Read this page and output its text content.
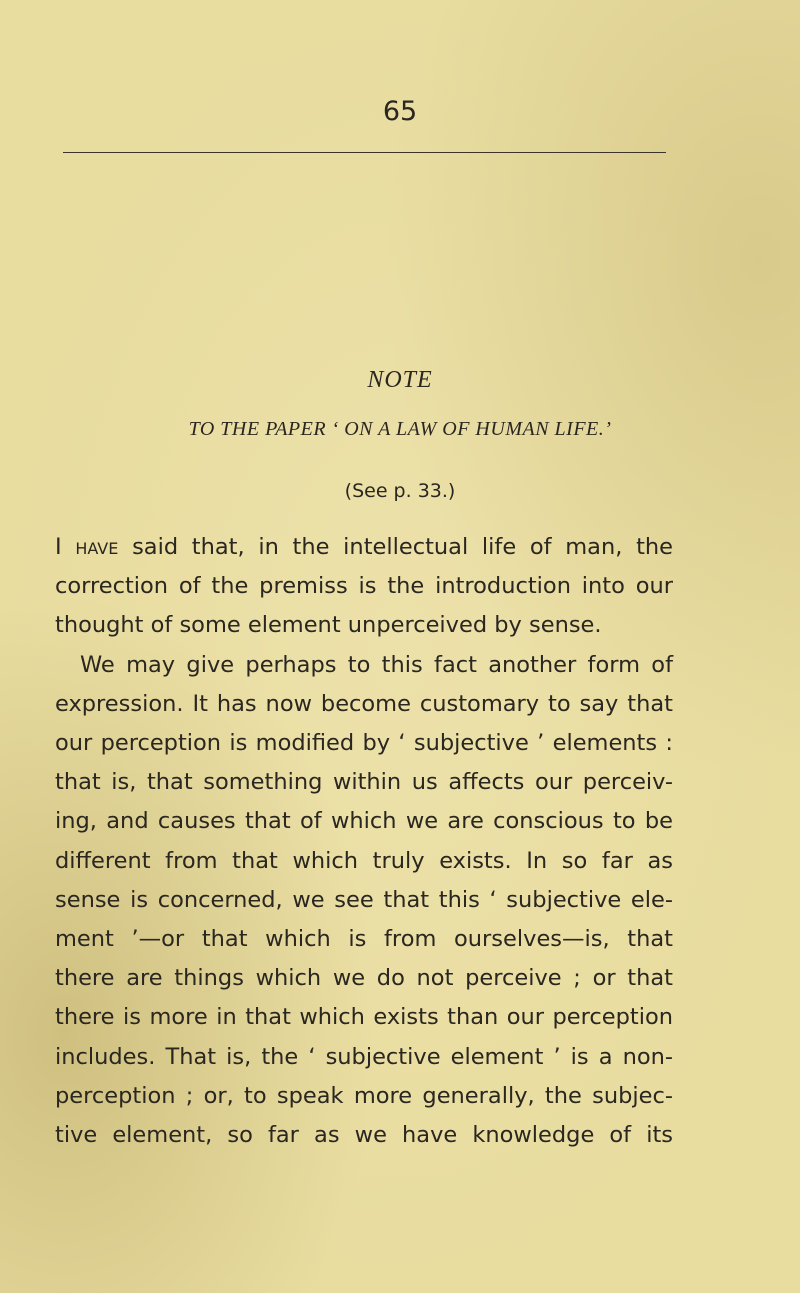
65
NOTE
TO THE PAPER ‘ ON A LAW OF HUMAN LIFE.’
(See p. 33.)

I have said that, in the intellectual life of man, the
correction of the premiss is the introduction into our
thought of some element unperceived by sense.

We may give perhaps to this fact another form of
expression. It has now become customary to say that
our perception is modified by ‘ subjective ’ elements :
that is, that something within us affects our perceiv-
ing, and causes that of which we are conscious to be
different from that which truly exists. In so far as
sense is concerned, we see that this ‘ subjective ele-
ment ’—or that which is from ourselves—is, that
there are things which we do not perceive ; or that
there is more in that which exists than our perception
includes. That is, the ‘ subjective element ’ is a non-
perception ; or, to speak more generally, the subjec-
tive element, so far as we have knowledge of its
